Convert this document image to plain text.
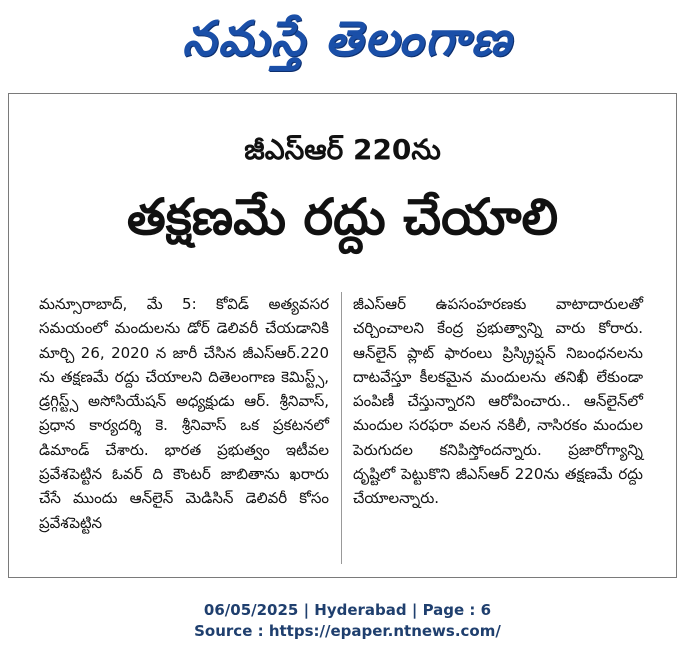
నమస్తే తెలంగాణ
జీఎస్ఆర్ 220ను
తక్షణమే రద్దు చేయాలి

మన్సూరాబాద్, మే 5: కోవిడ్ అత్యవసర సమయంలో మందులను డోర్ డెలివరీ చేయడానికి మార్చి 26, 2020 న జారీ చేసిన జీఎస్ఆర్.220 ను తక్షణమే రద్దు చేయాలని దితెలంగాణ కెమిస్ట్స్, డ్రగ్గిస్ట్స్ అసోసియేషన్ అధ్యక్షుడు ఆర్. శ్రీనివాస్, ప్రధాన కార్యదర్శి కె. శ్రీనివాస్ ఒక ప్రకటనలో డిమాండ్ చేశారు. భారత ప్రభుత్వం ఇటీవల ప్రవేశపెట్టిన ఓవర్ ది కౌంటర్ జాబితాను ఖరారు చేసే ముందు ఆన్‌లైన్ మెడిసిన్ డెలివరీ కోసం ప్రవేశపెట్టిన

జీఎస్ఆర్ ఉపసంహరణకు వాటాదారులతో చర్చించాలని కేంద్ర ప్రభుత్వాన్ని వారు కోరారు. ఆన్‌లైన్ ప్లాట్ ఫారంలు ప్రిస్క్రిప్షన్ నిబంధనలను దాటవేస్తూ కీలకమైన మందులను తనిఖీ లేకుండా పంపిణీ చేస్తున్నారని ఆరోపించారు.. ఆన్‌లైన్‌లో మందుల సరఫరా వలన నకిలీ, నాసిరకం మందుల పెరుగుదల కనిపిస్తోందన్నారు. ప్రజారోగ్యాన్ని దృష్టిలో పెట్టుకొని జీఎస్ఆర్ 220ను తక్షణమే రద్దు చేయాలన్నారు.

06/05/2025 | Hyderabad | Page : 6
Source : https://epaper.ntnews.com/
